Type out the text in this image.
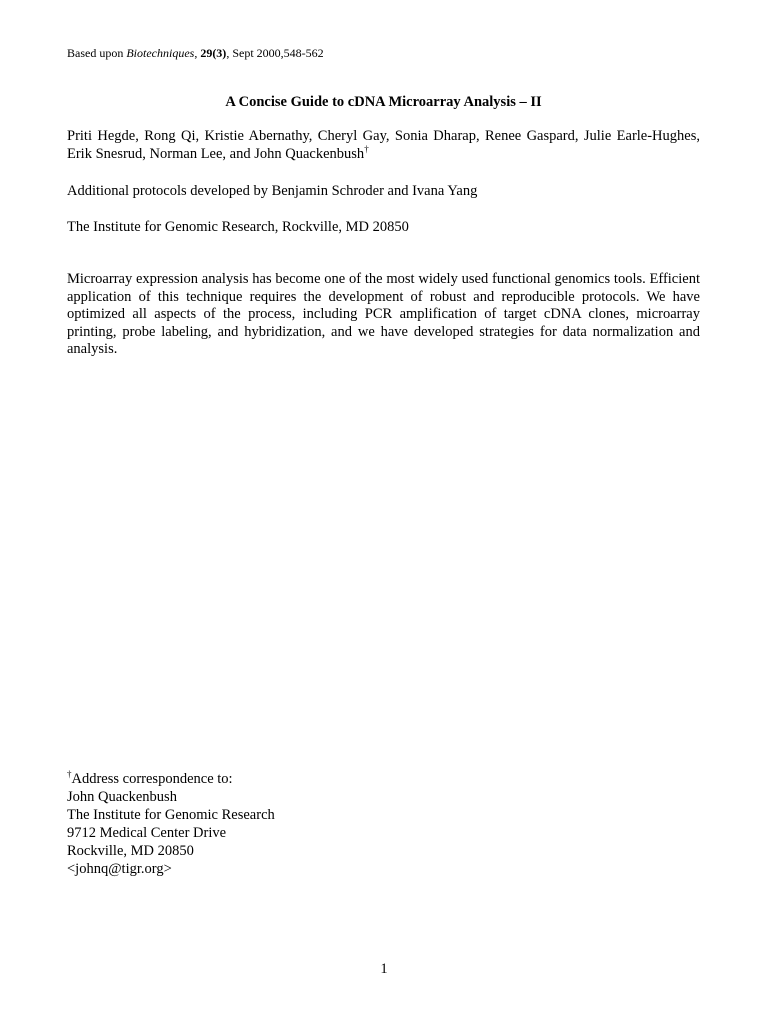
Based upon Biotechniques, 29(3), Sept 2000,548-562
A Concise Guide to cDNA Microarray Analysis – II
Priti Hegde, Rong Qi, Kristie Abernathy, Cheryl Gay, Sonia Dharap, Renee Gaspard, Julie Earle-Hughes, Erik Snesrud, Norman Lee, and John Quackenbush†
Additional protocols developed by Benjamin Schroder and Ivana Yang
The Institute for Genomic Research, Rockville, MD 20850
Microarray expression analysis has become one of the most widely used functional genomics tools. Efficient application of this technique requires the development of robust and reproducible protocols. We have optimized all aspects of the process, including PCR amplification of target cDNA clones, microarray printing, probe labeling, and hybridization, and we have developed strategies for data normalization and analysis.
†Address correspondence to:
John Quackenbush
The Institute for Genomic Research
9712 Medical Center Drive
Rockville, MD 20850
<johnq@tigr.org>
1
